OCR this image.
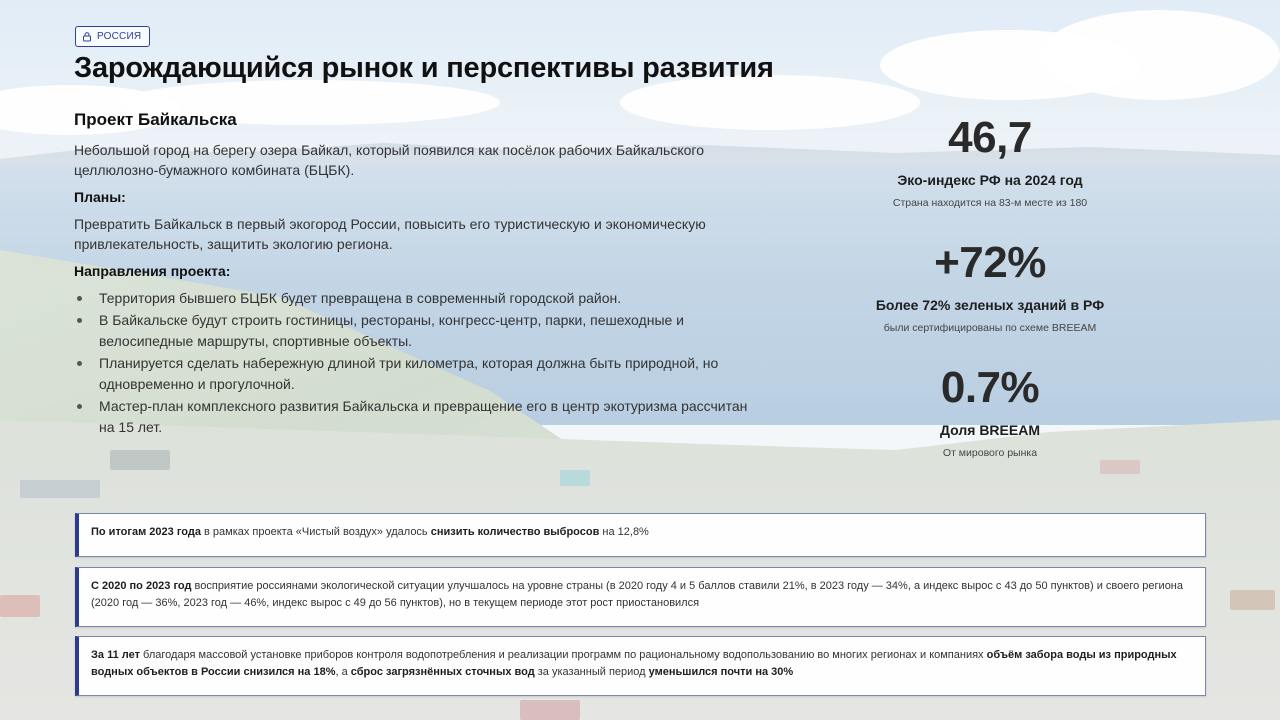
РОССИЯ
Зарождающийся рынок и перспективы развития
Проект Байкальска

Небольшой город на берегу озера Байкал, который появился как посёлок рабочих Байкальского целлюлозно-бумажного комбината (БЦБК).

Планы:

Превратить Байкальск в первый экогород России, повысить его туристическую и экономическую привлекательность, защитить экологию региона.

Направления проекта:
Территория бывшего БЦБК будет превращена в современный городской район.
В Байкальске будут строить гостиницы, рестораны, конгресс-центр, парки, пешеходные и велосипедные маршруты, спортивные объекты.
Планируется сделать набережную длиной три километра, которая должна быть природной, но одновременно и прогулочной.
Мастер-план комплексного развития Байкальска и превращение его в центр экотуризма рассчитан на 15 лет.
46,7
Эко-индекс РФ на 2024 год
Страна находится на 83-м месте из 180
+72%
Более 72% зеленых зданий в РФ
были сертифицированы по схеме BREEAM
0.7%
Доля BREEAM
От мирового рынка
По итогам 2023 года в рамках проекта «Чистый воздух» удалось снизить количество выбросов на 12,8%
С 2020 по 2023 год восприятие россиянами экологической ситуации улучшалось на уровне страны (в 2020 году 4 и 5 баллов ставили 21%, в 2023 году — 34%, а индекс вырос с 43 до 50 пунктов) и своего региона (2020 год — 36%, 2023 год — 46%, индекс вырос с 49 до 56 пунктов), но в текущем периоде этот рост приостановился
За 11 лет благодаря массовой установке приборов контроля водопотребления и реализации программ по рациональному водопользованию во многих регионах и компаниях объём забора воды из природных водных объектов в России снизился на 18%, а сброс загрязнённых сточных вод за указанный период уменьшился почти на 30%
